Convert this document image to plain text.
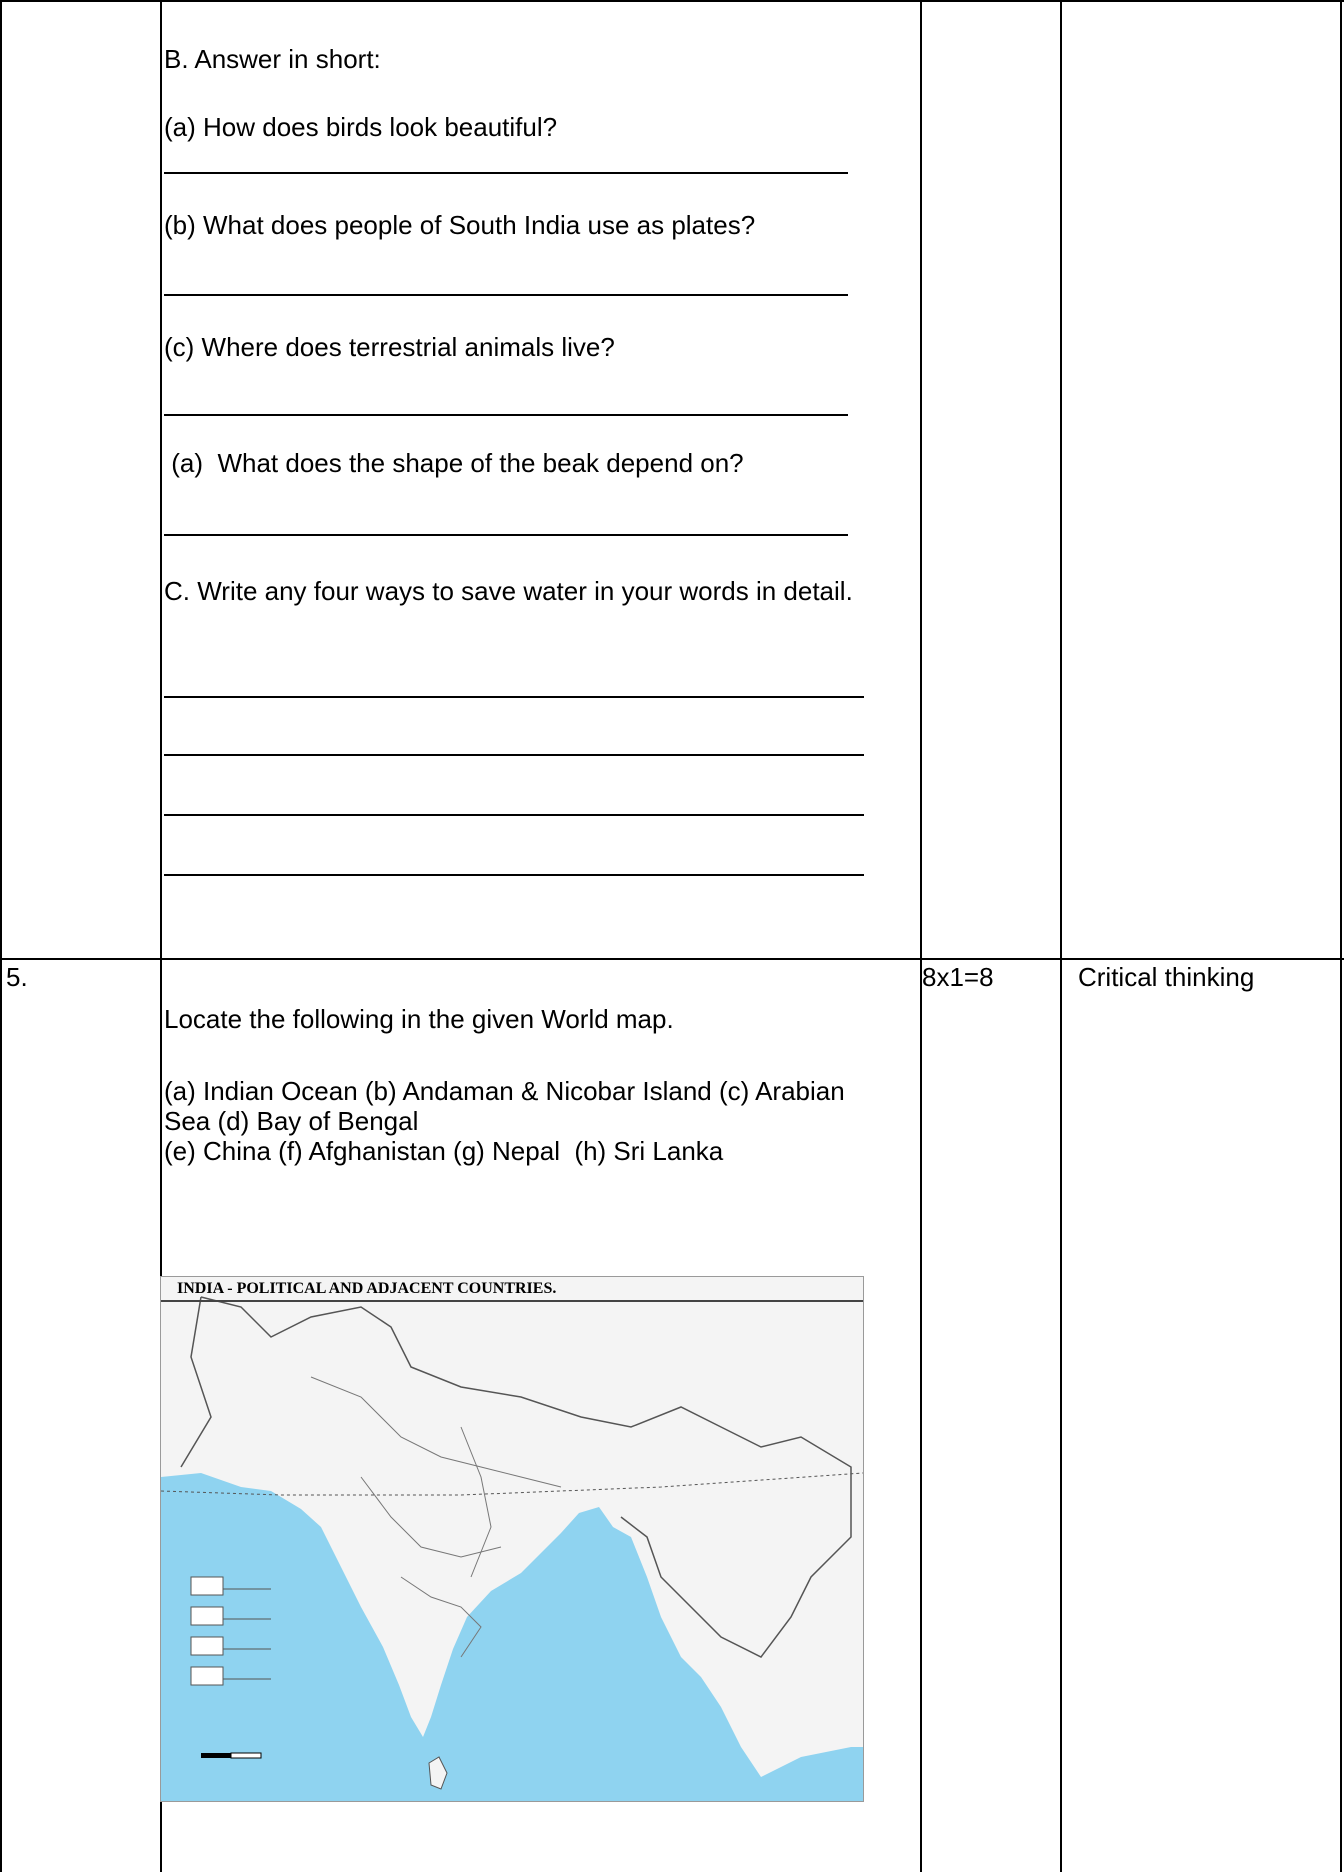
B. Answer in short:
(a) How does birds look beautiful?
(b) What does people of South India use as plates?
(c) Where does terrestrial animals live?
(a)  What does the shape of the beak depend on?
C. Write any four ways to save water in your words in detail.
5.	8x1=8	Critical thinking
Locate the following in the given World map.
(a) Indian Ocean (b) Andaman & Nicobar Island (c) Arabian Sea (d) Bay of Bengal
(e) China (f) Afghanistan (g) Nepal  (h) Sri Lanka
INDIA - POLITICAL AND ADJACENT COUNTRIES.
